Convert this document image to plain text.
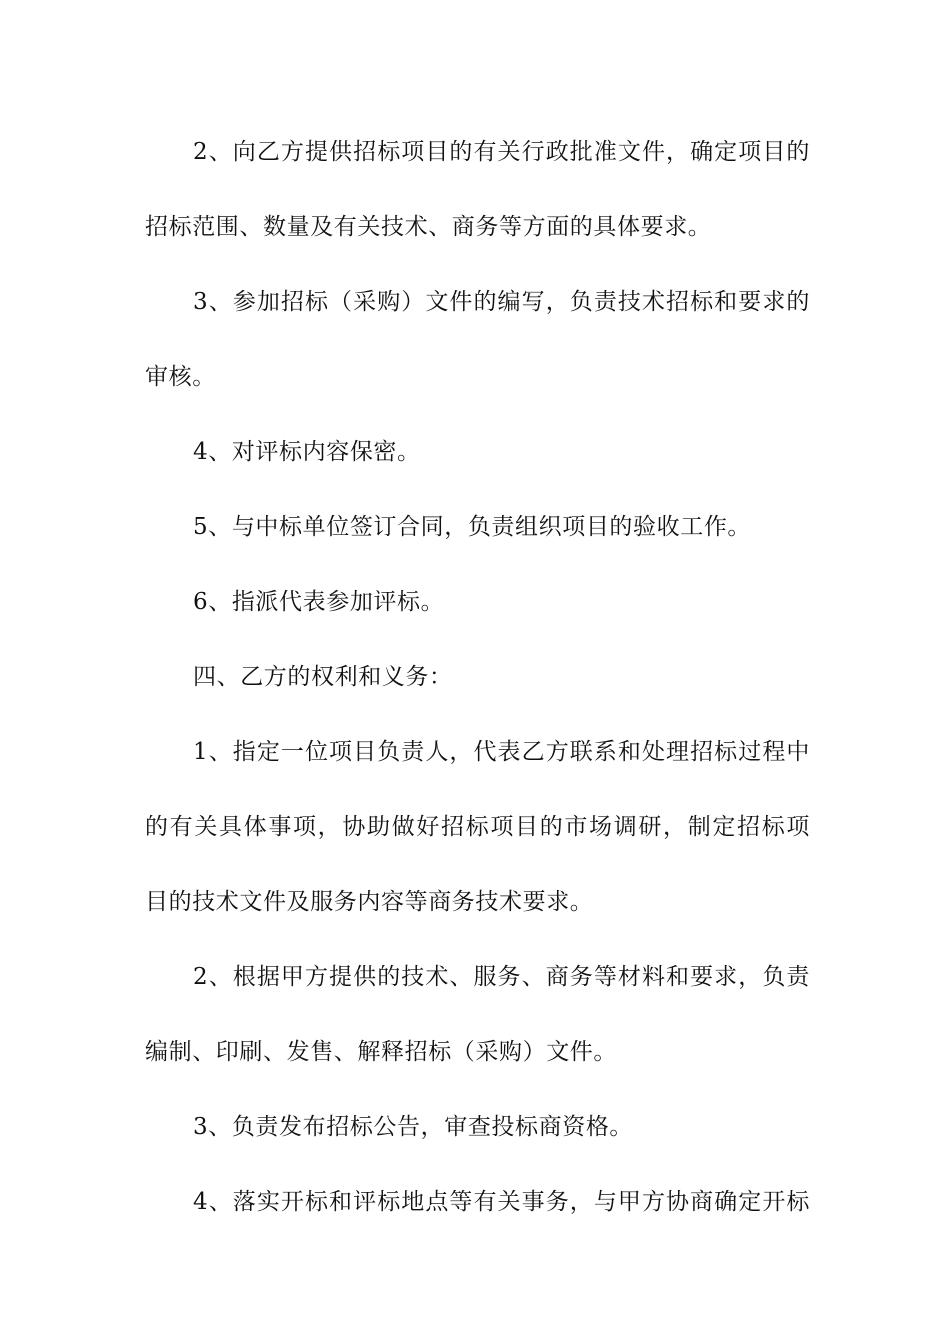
2、向乙方提供招标项目的有关行政批准文件，确定项目的
招标范围、数量及有关技术、商务等方面的具体要求。
3、参加招标（采购）文件的编写，负责技术招标和要求的
审核。
4、对评标内容保密。
5、与中标单位签订合同，负责组织项目的验收工作。
6、指派代表参加评标。
四、乙方的权利和义务：
1、指定一位项目负责人，代表乙方联系和处理招标过程中
的有关具体事项，协助做好招标项目的市场调研，制定招标项
目的技术文件及服务内容等商务技术要求。
2、根据甲方提供的技术、服务、商务等材料和要求，负责
编制、印刷、发售、解释招标（采购）文件。
3、负责发布招标公告，审查投标商资格。
4、落实开标和评标地点等有关事务，与甲方协商确定开标
